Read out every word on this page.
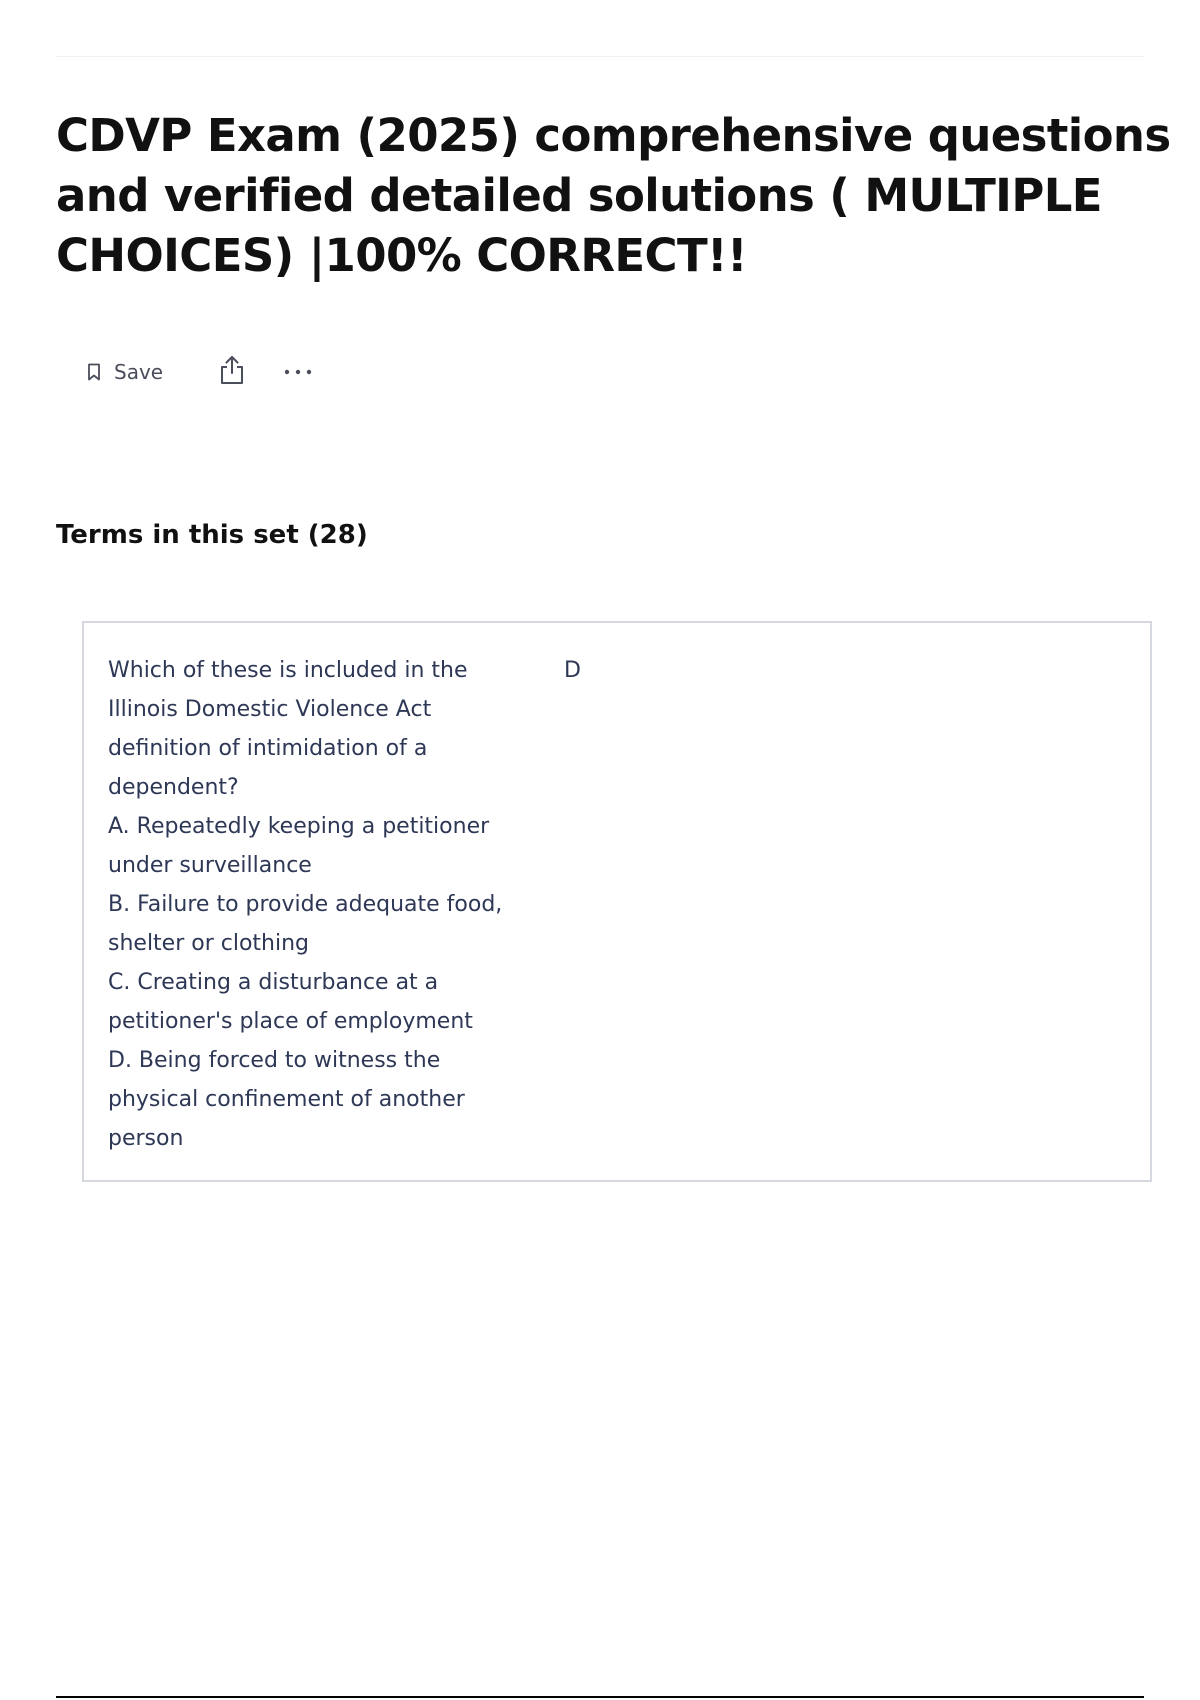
CDVP Exam (2025) comprehensive questions and verified detailed solutions ( MULTIPLE CHOICES) |100% CORRECT!!
Save
Terms in this set (28)

Which of these is included in the Illinois Domestic Violence Act definition of intimidation of a dependent?

A. Repeatedly keeping a petitioner under surveillance

B. Failure to provide adequate food, shelter or clothing

C. Creating a disturbance at a petitioner's place of employment

D. Being forced to witness the physical confinement of another person

D
